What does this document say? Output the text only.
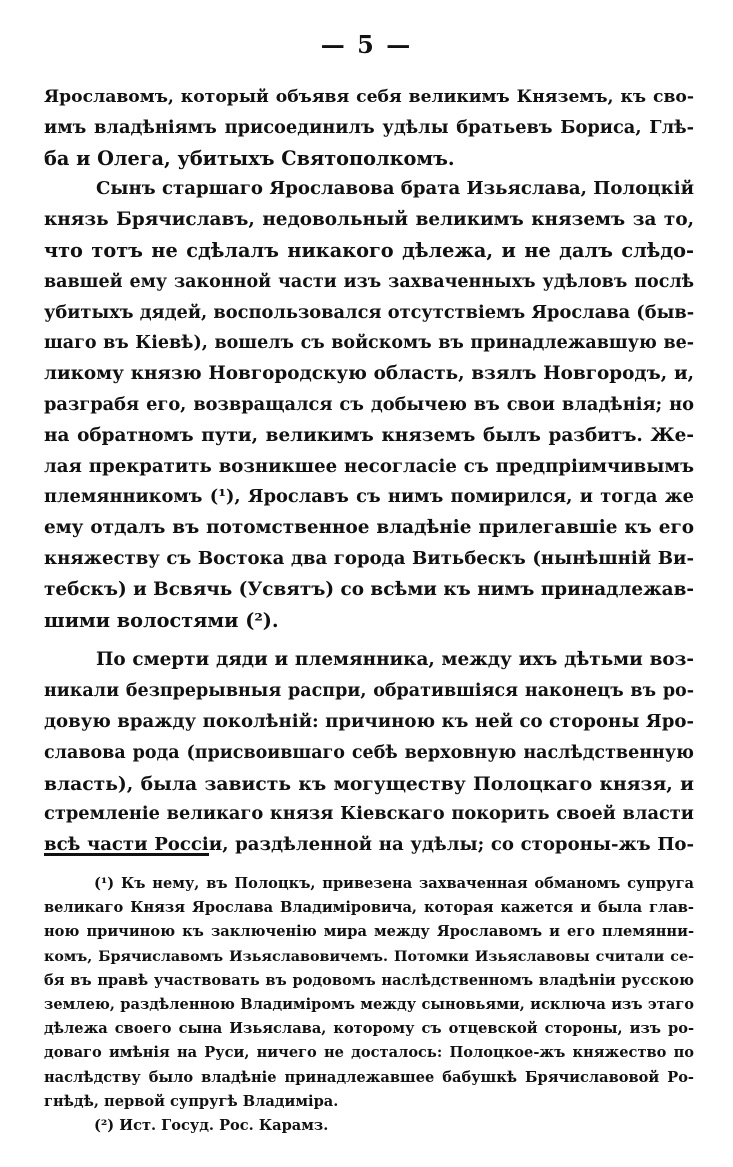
— 5 —
Ярославомъ, который объявя себя великимъ Княземъ, къ сво-
имъ владѣніямъ присоединилъ удѣлы братьевъ Бориса, Глѣ-
ба и Олега, убитыхъ Святополкомъ.
Сынъ старшаго Ярославова брата Изьяслава, Полоцкій
князь Брячиславъ, недовольный великимъ княземъ за то,
что тотъ не сдѣлалъ никакого дѣлежа, и не далъ слѣдо-
вавшей ему законной части изъ захваченныхъ удѣловъ послѣ
убитыхъ дядей, воспользовался отсутствіемъ Ярослава (быв-
шаго въ Кіевѣ), вошелъ съ войскомъ въ принадлежавшую ве-
ликому князю Новгородскую область, взялъ Новгородъ, и,
разграбя его, возвращался съ добычею въ свои владѣнія; но
на обратномъ пути, великимъ княземъ былъ разбитъ. Же-
лая прекратить возникшее несогласіе съ предпріимчивымъ
племянникомъ (¹), Ярославъ съ нимъ помирился, и тогда же
ему отдалъ въ потомственное владѣніе прилегавшіе къ его
княжеству съ Востока два города Витьбескъ (нынѣшній Ви-
тебскъ) и Всвячь (Усвятъ) со всѣми къ нимъ принадлежав-
шими волостями (²).
По смерти дяди и племянника, между ихъ дѣтьми воз-
никали безпрерывныя распри, обратившіяся наконецъ въ ро-
довую вражду поколѣній: причиною къ ней со стороны Яро-
славова рода (присвоившаго себѣ верховную наслѣдственную
власть), была зависть къ могуществу Полоцкаго князя, и
стремленіе великаго князя Кіевскаго покорить своей власти
всѣ части Россіи, раздѣленной на удѣлы; со стороны-жъ По-
(¹) Къ нему, въ Полоцкъ, привезена захваченная обманомъ супруга
великаго Князя Ярослава Владиміровича, которая кажется и была глав-
ною причиною къ заключенію мира между Ярославомъ и его племянни-
комъ, Брячиславомъ Изьяславовичемъ. Потомки Изьяславовы считали се-
бя въ правѣ участвовать въ родовомъ наслѣдственномъ владѣніи русскою
землею, раздѣленною Владиміромъ между сыновьями, исключа изъ этаго
дѣлежа своего сына Изьяслава, которому съ отцевской стороны, изъ ро-
доваго имѣнія на Руси, ничего не досталось: Полоцкое-жъ княжество по
наслѣдству было владѣніе принадлежавшее бабушкѣ Брячиславовой Ро-
гнѣдѣ, первой супругѣ Владиміра.
(²) Ист. Госуд. Рос. Карамз.
